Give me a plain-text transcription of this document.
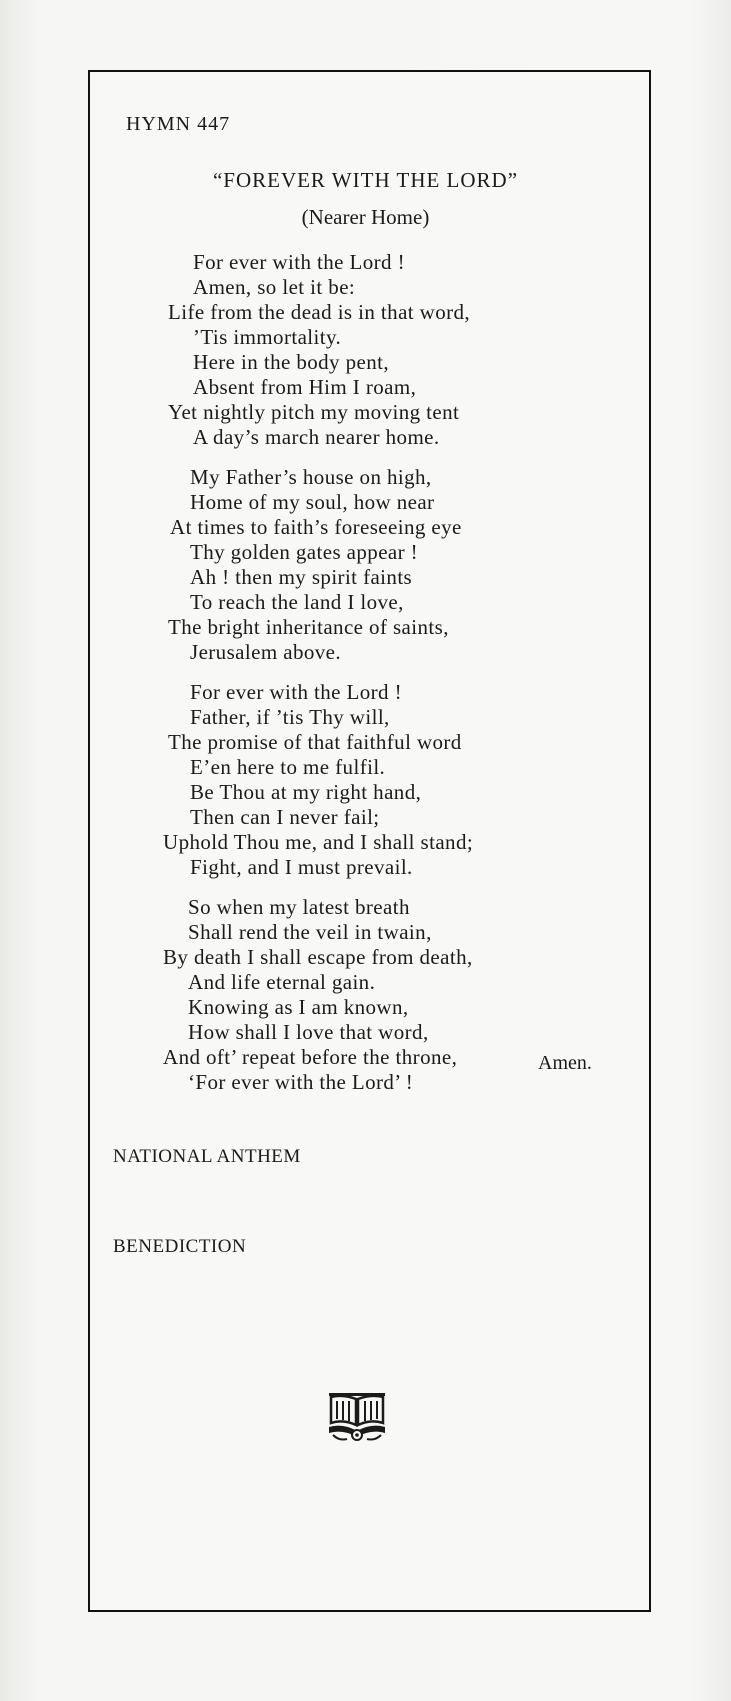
HYMN 447
“FOREVER WITH THE LORD”
(Nearer Home)
For ever with the Lord !
Amen, so let it be:
Life from the dead is in that word,
’Tis immortality.
Here in the body pent,
Absent from Him I roam,
Yet nightly pitch my moving tent
A day’s march nearer home.
My Father’s house on high,
Home of my soul, how near
At times to faith’s foreseeing eye
Thy golden gates appear !
Ah ! then my spirit faints
To reach the land I love,
The bright inheritance of saints,
Jerusalem above.
For ever with the Lord !
Father, if ’tis Thy will,
The promise of that faithful word
E’en here to me fulfil.
Be Thou at my right hand,
Then can I never fail;
Uphold Thou me, and I shall stand;
Fight, and I must prevail.
So when my latest breath
Shall rend the veil in twain,
By death I shall escape from death,
And life eternal gain.
Knowing as I am known,
How shall I love that word,
And oft’ repeat before the throne,
‘For ever with the Lord’ !
Amen.
NATIONAL ANTHEM
BENEDICTION
